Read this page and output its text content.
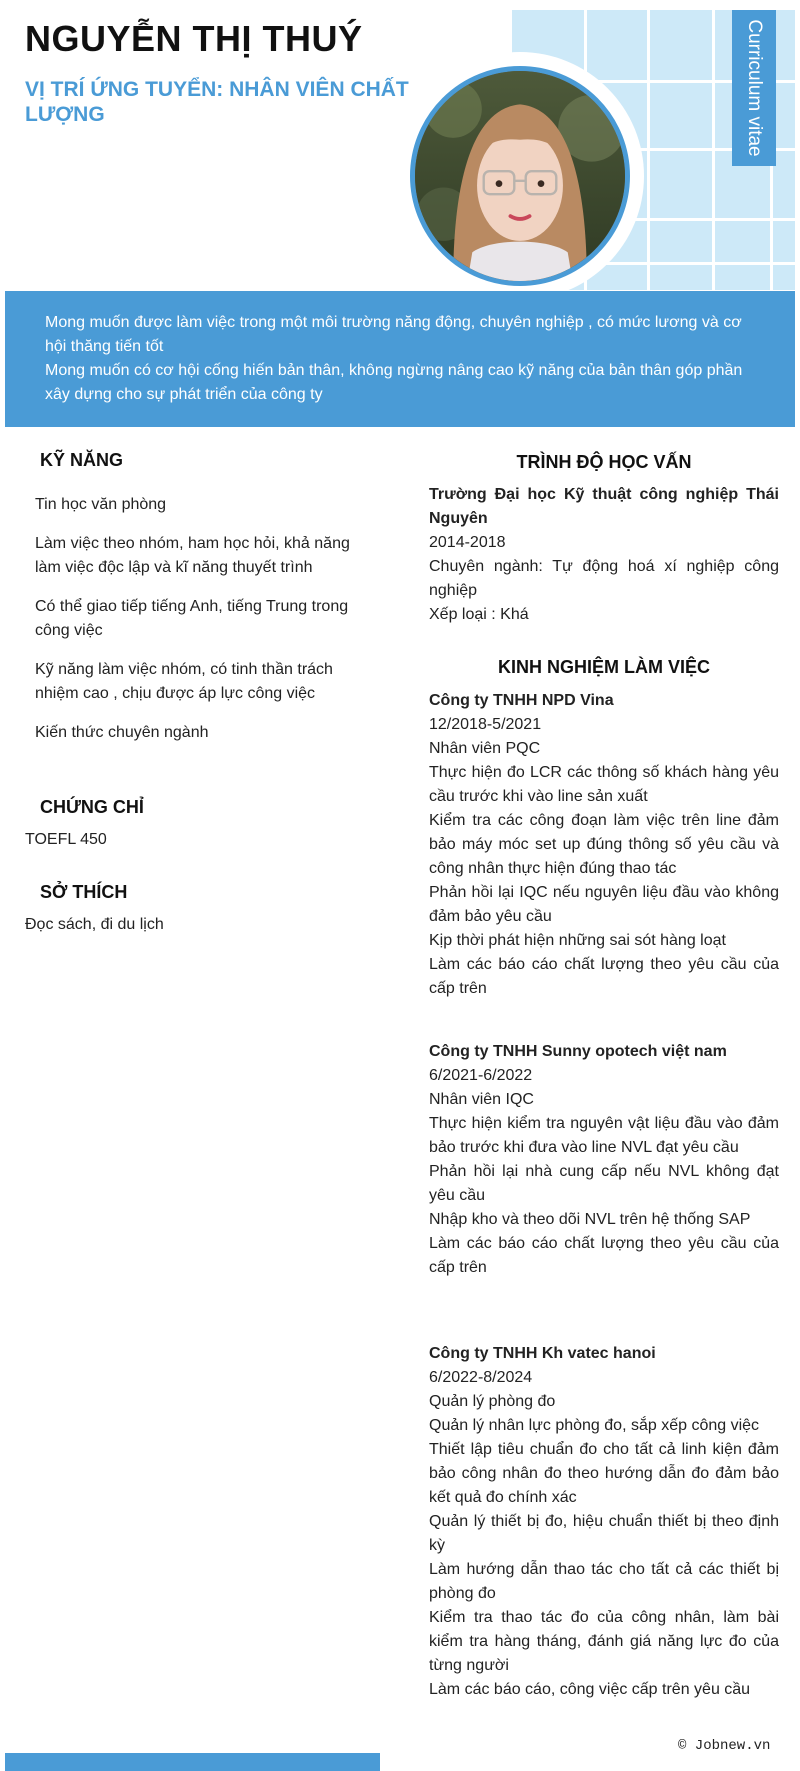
Curriculum vitae
NGUYỄN THỊ THUÝ
VỊ TRÍ ỨNG TUYỂN: NHÂN VIÊN CHẤT LƯỢNG

Mong muốn được làm việc trong một môi trường năng động, chuyên nghiệp , có mức lương và cơ hội thăng tiến tốt

Mong muốn có cơ hội cống hiến bản thân, không ngừng nâng cao kỹ năng của bản thân góp phần xây dựng cho sự phát triển của công ty

KỸ NĂNG
Tin học văn phòng
Làm việc theo nhóm, ham học hỏi, khả năng làm việc độc lập và kĩ năng thuyết trình
Có thể giao tiếp tiếng Anh, tiếng Trung trong công việc
Kỹ năng làm việc nhóm, có tinh thần trách nhiệm cao , chịu được áp lực công việc
Kiến thức chuyên ngành
CHỨNG CHỈ
TOEFL 450
SỞ THÍCH
Đọc sách, đi du lịch
TRÌNH ĐỘ HỌC VẤN
Trường Đại học Kỹ thuật công nghiệp Thái Nguyên
2014-2018
Chuyên ngành: Tự động hoá xí nghiệp công nghiệp
Xếp loại : Khá
KINH NGHIỆM LÀM VIỆC
Công ty TNHH NPD Vina
12/2018-5/2021
Nhân viên PQC
Thực hiện đo LCR các thông số khách hàng yêu cầu trước khi vào line sản xuất
Kiểm tra các công đoạn làm việc trên line đảm bảo máy móc set up đúng thông số yêu cầu và công nhân thực hiện đúng thao tác
Phản hồi lại IQC nếu nguyên liệu đầu vào không đảm bảo yêu cầu
Kịp thời phát hiện những sai sót hàng loạt
Làm các báo cáo chất lượng theo yêu cầu của cấp trên
Công ty TNHH Sunny opotech việt nam
6/2021-6/2022
Nhân viên IQC
Thực hiện kiểm tra nguyên vật liệu đầu vào đảm bảo trước khi đưa vào line NVL đạt yêu cầu
Phản hồi lại nhà cung cấp nếu NVL không đạt yêu cầu
Nhập kho và theo dõi NVL trên hệ thống SAP
Làm các báo cáo chất lượng theo yêu cầu của cấp trên
Công ty TNHH Kh vatec hanoi
6/2022-8/2024
Quản lý phòng đo
Quản lý nhân lực phòng đo, sắp xếp công việc
Thiết lập tiêu chuẩn đo cho tất cả linh kiện đảm bảo công nhân đo theo hướng dẫn đo đảm bảo kết quả đo chính xác
Quản lý thiết bị đo, hiệu chuẩn thiết bị theo định kỳ
Làm hướng dẫn thao tác cho tất cả các thiết bị phòng đo
Kiểm tra thao tác đo của công nhân, làm bài kiểm tra hàng tháng, đánh giá năng lực đo của từng người
Làm các báo cáo, công việc cấp trên yêu cầu
© Jobnew.vn
